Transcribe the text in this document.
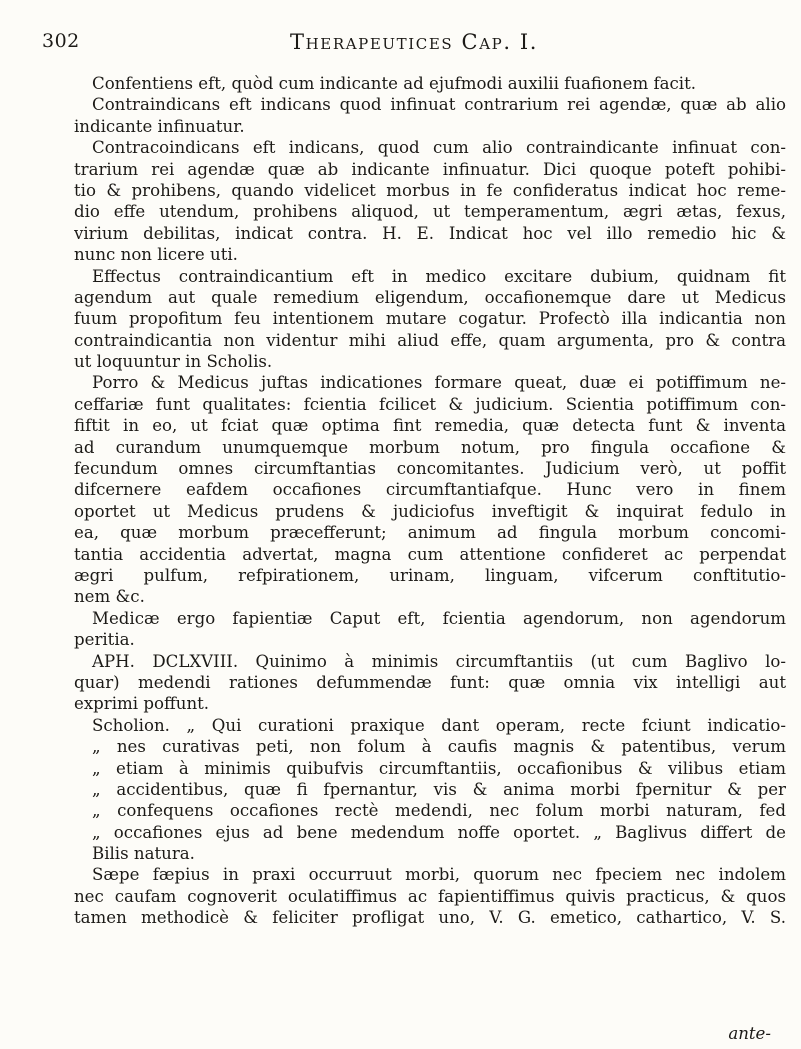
302	Therapeutices Cap. I.
Confentiens eft, quòd cum indicante ad ejufmodi auxilii fuafionem facit.
Contraindicans eft indicans quod infinuat contrarium rei agendæ, quæ ab alio
indicante infinuatur.
Contracoindicans eft indicans, quod cum alio contraindicante infinuat con-
trarium rei agendæ quæ ab indicante infinuatur. Dici quoque poteft pohibi-
tio & prohibens, quando videlicet morbus in fe confideratus indicat hoc reme-
dio effe utendum, prohibens aliquod, ut temperamentum, ægri ætas, fexus,
virium debilitas, indicat contra. H. E. Indicat hoc vel illo remedio hic &
nunc non licere uti.
Effectus contraindicantium eft in medico excitare dubium, quidnam fit
agendum aut quale remedium eligendum, occafionemque dare ut Medicus
fuum propofitum feu intentionem mutare cogatur. Profectò illa indicantia non
contraindicantia non videntur mihi aliud effe, quam argumenta, pro & contra
ut loquuntur in Scholis.
Porro & Medicus juftas indicationes formare queat, duæ ei potiffimum ne-
ceffariæ funt qualitates: fcientia fcilicet & judicium. Scientia potiffimum con-
fiftit in eo, ut fciat quæ optima fint remedia, quæ detecta funt & inventa
ad curandum unumquemque morbum notum, pro fingula occafione &
fecundum omnes circumftantias concomitantes. Judicium verò, ut poffit
difcernere eafdem occafiones circumftantiafque. Hunc vero in finem
oportet ut Medicus prudens & judiciofus inveftigit & inquirat fedulo in
ea, quæ morbum præcefferunt; animum ad fingula morbum concomi-
tantia accidentia advertat, magna cum attentione confideret ac perpendat
ægri pulfum, refpirationem, urinam, linguam, vifcerum conftitutio-
nem &c.
Medicæ ergo fapientiæ Caput eft, fcientia agendorum, non agendorum
peritia.
APH. DCLXVIII. Quinimo à minimis circumftantiis (ut cum Baglivo lo-
quar) medendi rationes defummendæ funt: quæ omnia vix intelligi aut
exprimi poffunt.
Scholion. „ Qui curationi praxique dant operam, recte fciunt indicatio-
„ nes curativas peti, non folum à caufis magnis & patentibus, verum
„ etiam à minimis quibufvis circumftantiis, occafionibus & vilibus etiam
„ accidentibus, quæ fi fpernantur, vis & anima morbi fpernitur & per
„ confequens occafiones rectè medendi, nec folum morbi naturam, fed
„ occafiones ejus ad bene medendum noffe oportet. „ Baglivus differt de
Bilis natura.
Sæpe fæpius in praxi occurruut morbi, quorum nec fpeciem nec indolem
nec caufam cognoverit oculatiffimus ac fapientiffimus quivis practicus, & quos
tamen methodicè & feliciter profligat uno, V. G. emetico, cathartico, V. S.
ante-
